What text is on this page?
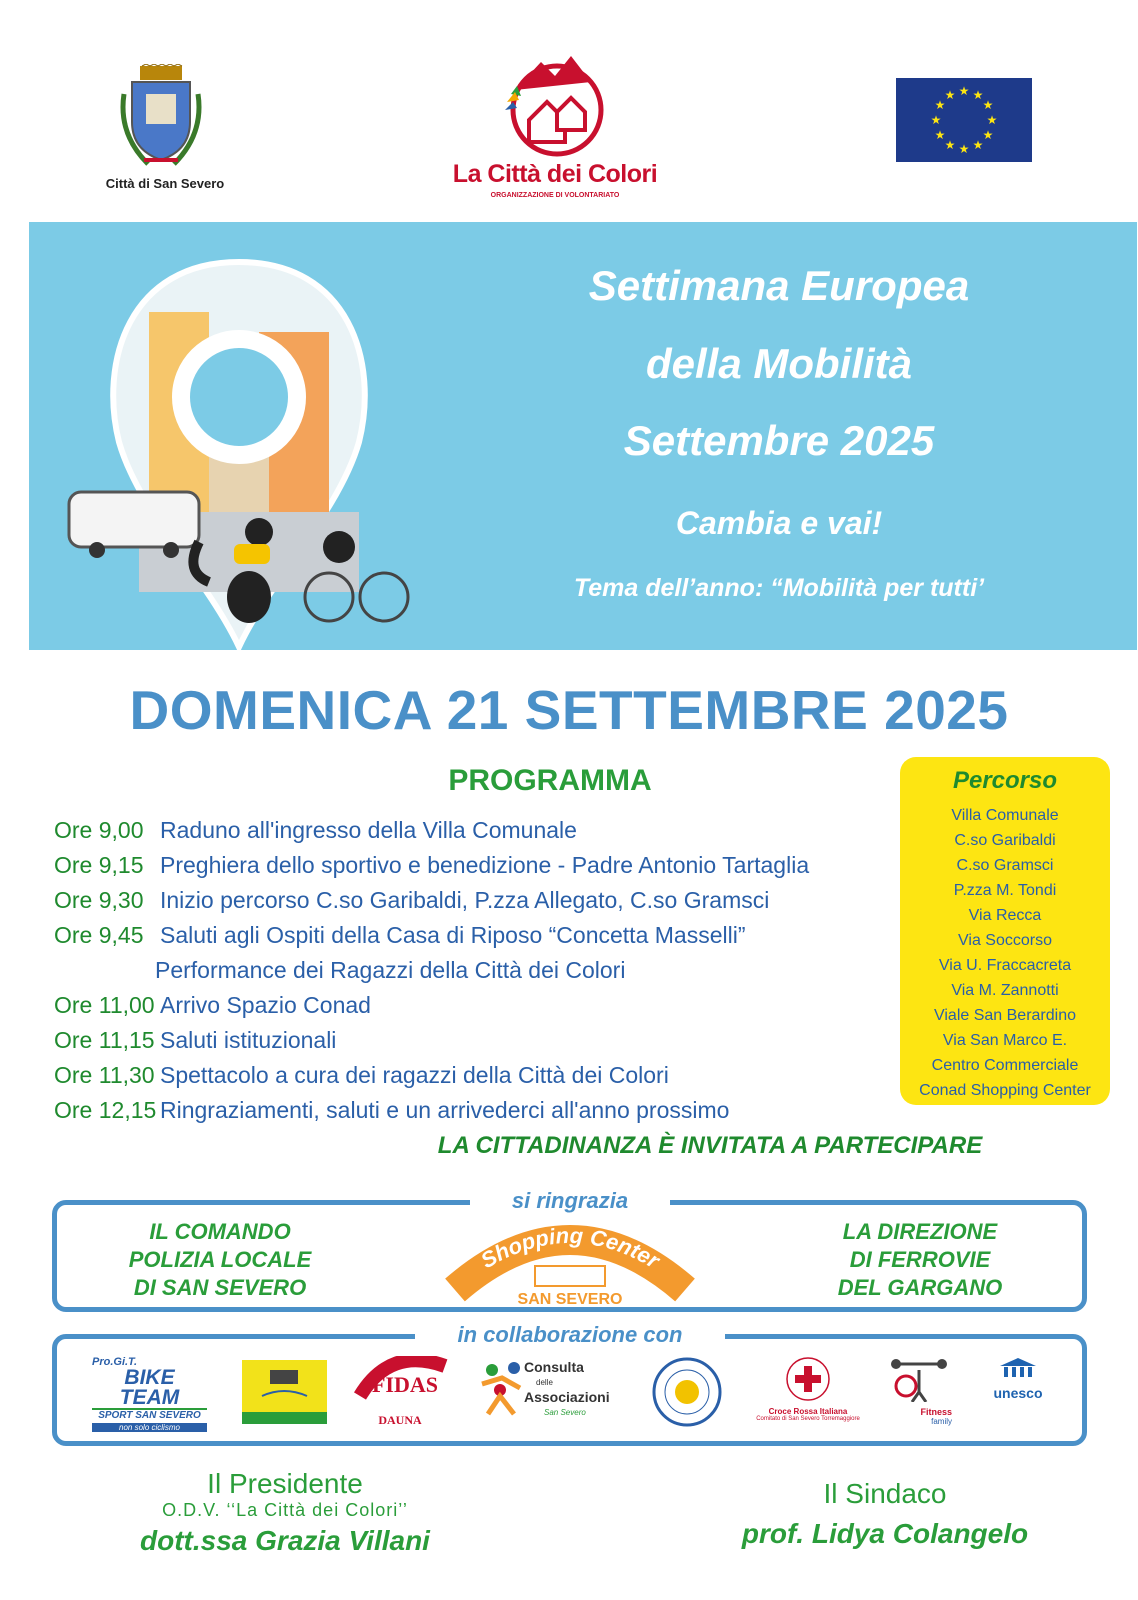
Città di San Severo	La Città dei Colori
ORGANIZZAZIONE DI VOLONTARIATO
★ ★
★
★
★
★
★
★
★
★
★
★
Settimana Europea
della Mobilità
Settembre 2025
Cambia e vai!
Tema dell’anno: “Mobilità per tutti’
DOMENICA 21 SETTEMBRE 2025
PROGRAMMA
Ore 9,00 Raduno all'ingresso della Villa Comunale
Ore 9,15 Preghiera dello sportivo e benedizione - Padre Antonio Tartaglia
Ore 9,30 Inizio percorso C.so Garibaldi, P.zza Allegato, C.so Gramsci
Ore 9,45 Saluti agli Ospiti della Casa di Riposo “Concetta Masselli”
Performance dei Ragazzi della Città dei Colori
Ore 11,00 Arrivo Spazio Conad
Ore 11,15 Saluti istituzionali
Ore 11,30 Spettacolo a cura dei ragazzi della Città dei Colori
Ore 12,15 Ringraziamenti, saluti e un arrivederci all'anno prossimo
Percorso
Villa Comunale
C.so Garibaldi
C.so Gramsci
P.zza M. Tondi
Via Recca
Via Soccorso
Via U. Fraccacreta
Via M. Zannotti
Viale San Berardino
Via San Marco E.
Centro Commerciale
Conad Shopping Center
LA CITTADINANZA È INVITATA A PARTECIPARE
si ringrazia
IL COMANDO
POLIZIA LOCALE
DI SAN SEVERO
LA DIREZIONE
DI FERROVIE
DEL GARGANO
Shopping Center
SAN SEVERO
in collaborazione con
Pro.Gi.T.
BIKE TEAM
SPORT SAN SEVERO
non solo ciclismo
FIDAS
DAUNA
Consulta
delle
Associazioni
San Severo	Croce Rossa Italiana
Comitato di San Severo Torremaggiore
Fitness
family
unesco
Il Presidente
O.D.V. ‘‘La Città dei Colori’’
dott.ssa Grazia Villani
Il Sindaco
prof. Lidya Colangelo
